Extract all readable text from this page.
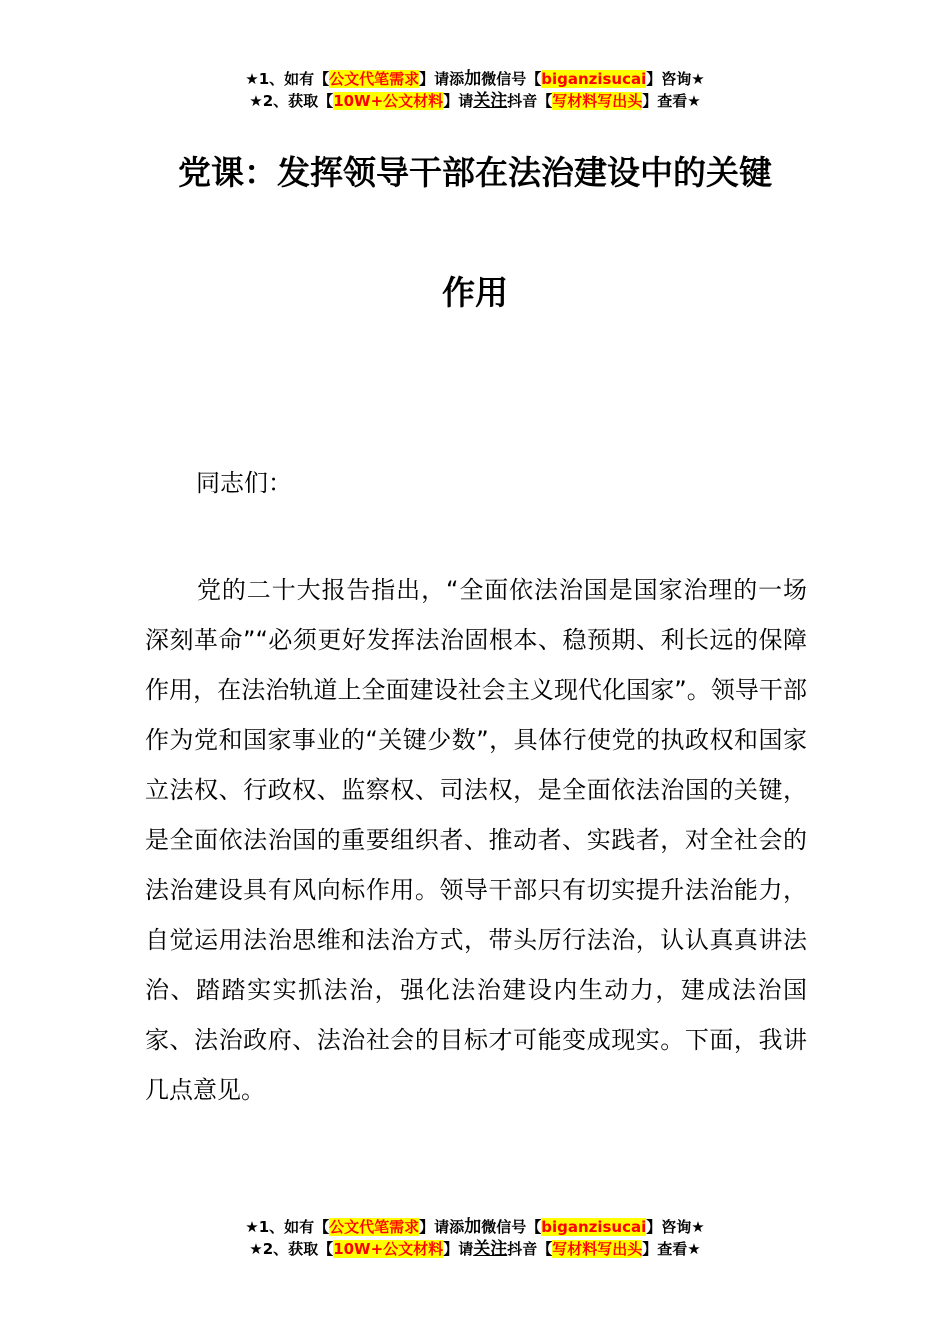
★1、如有【公文代笔需求】请添加微信号【biganzisucai】咨询★
★2、获取【10W+公文材料】请关注抖音【写材料写出头】查看★
党课：发挥领导干部在法治建设中的关键
作用
同志们：

党的二十大报告指出，“全面依法治国是国家治理的一场深刻革命”“必须更好发挥法治固根本、稳预期、利长远的保障作用，在法治轨道上全面建设社会主义现代化国家”。领导干部作为党和国家事业的“关键少数”，具体行使党的执政权和国家立法权、行政权、监察权、司法权，是全面依法治国的关键，是全面依法治国的重要组织者、推动者、实践者，对全社会的法治建设具有风向标作用。领导干部只有切实提升法治能力，自觉运用法治思维和法治方式，带头厉行法治，认认真真讲法治、踏踏实实抓法治，强化法治建设内生动力，建成法治国家、法治政府、法治社会的目标才可能变成现实。下面，我讲几点意见。

★1、如有【公文代笔需求】请添加微信号【biganzisucai】咨询★
★2、获取【10W+公文材料】请关注抖音【写材料写出头】查看★
